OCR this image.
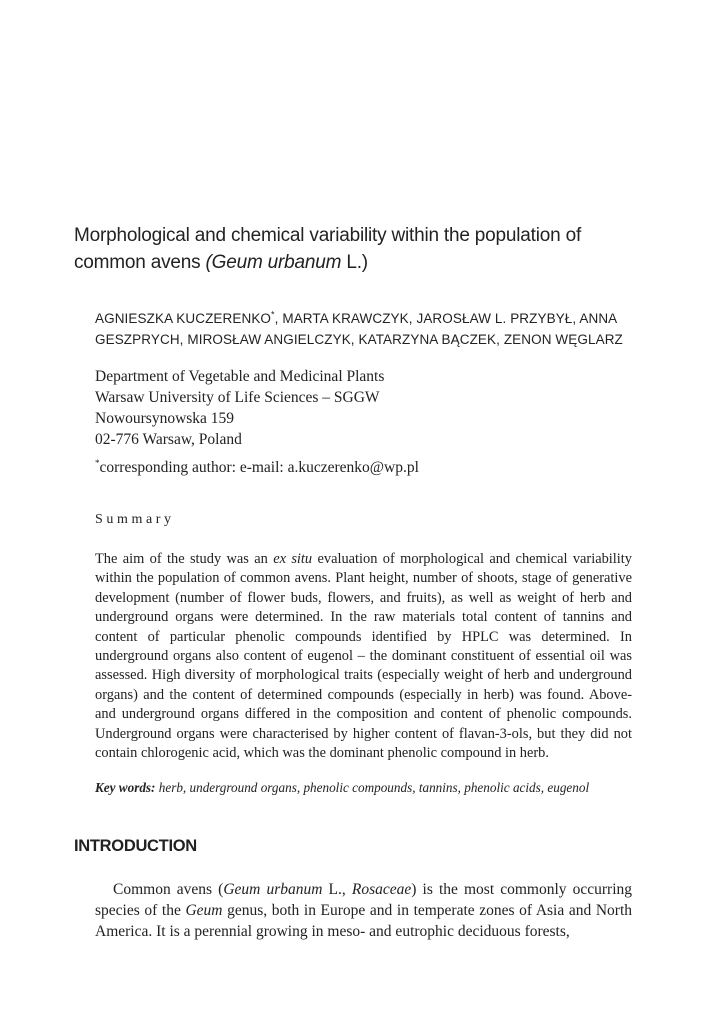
Morphological and chemical variability within the population of common avens (Geum urbanum L.)
AGNIESZKA KUCZERENKO*, MARTA KRAWCZYK, JAROSŁAW L. PRZYBYŁ, ANNA
GESZPRYCH, MIROSŁAW ANGIELCZYK, KATARZYNA BĄCZEK, ZENON WĘGLARZ
Department of Vegetable and Medicinal Plants
Warsaw University of Life Sciences – SGGW
Nowoursynowska 159
02-776 Warsaw, Poland
*corresponding author: e-mail: a.kuczerenko@wp.pl
Summary
The aim of the study was an ex situ evaluation of morphological and chemical variability within the population of common avens. Plant height, number of shoots, stage of generative development (number of flower buds, flowers, and fruits), as well as weight of herb and underground organs were determined. In the raw materials total content of tannins and content of particular phenolic compounds identified by HPLC was determined. In underground organs also content of eugenol – the dominant constituent of essential oil was assessed. High diversity of morphological traits (especially weight of herb and underground organs) and the content of determined compounds (especially in herb) was found. Above- and underground organs differed in the composition and content of phenolic compounds. Underground organs were characterised by higher content of flavan-3-ols, but they did not contain chlorogenic acid, which was the dominant phenolic compound in herb.
Key words: herb, underground organs, phenolic compounds, tannins, phenolic acids, eugenol
INTRODUCTION
Common avens (Geum urbanum L., Rosaceae) is the most commonly occurring species of the Geum genus, both in Europe and in temperate zones of Asia and North America. It is a perennial growing in meso- and eutrophic deciduous forests,
